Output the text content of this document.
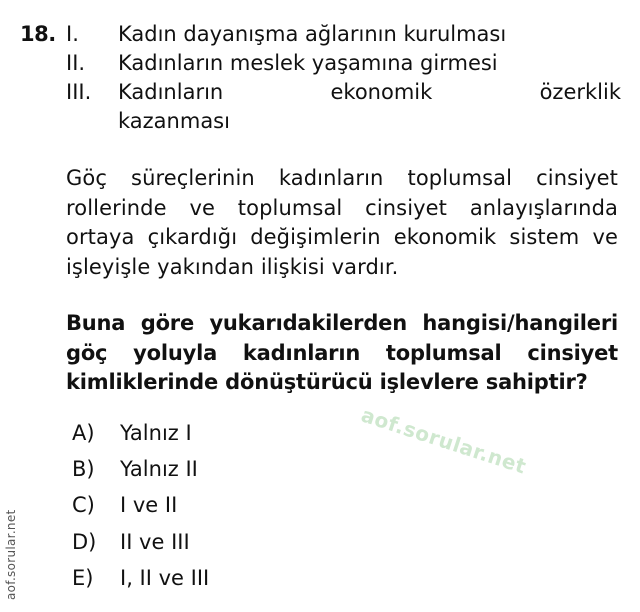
18. I. Kadın dayanışma ağlarının kurulması
II. Kadınların meslek yaşamına girmesi
III. Kadınların ekonomik özerklik
kazanması
Göç süreçlerinin kadınların toplumsal cinsiyet rollerinde ve toplumsal cinsiyet anlayışlarında ortaya çıkardığı değişimlerin ekonomik sistem ve işleyişle yakından ilişkisi vardır.
Buna göre yukarıdakilerden hangisi/hangileri göç yoluyla kadınların toplumsal cinsiyet kimliklerinde dönüştürücü işlevlere sahiptir?
A) Yalnız I
B) Yalnız II
C) I ve II
D) II ve III
E) I, II ve III
aof.sorular.net
aof.sorular.net
